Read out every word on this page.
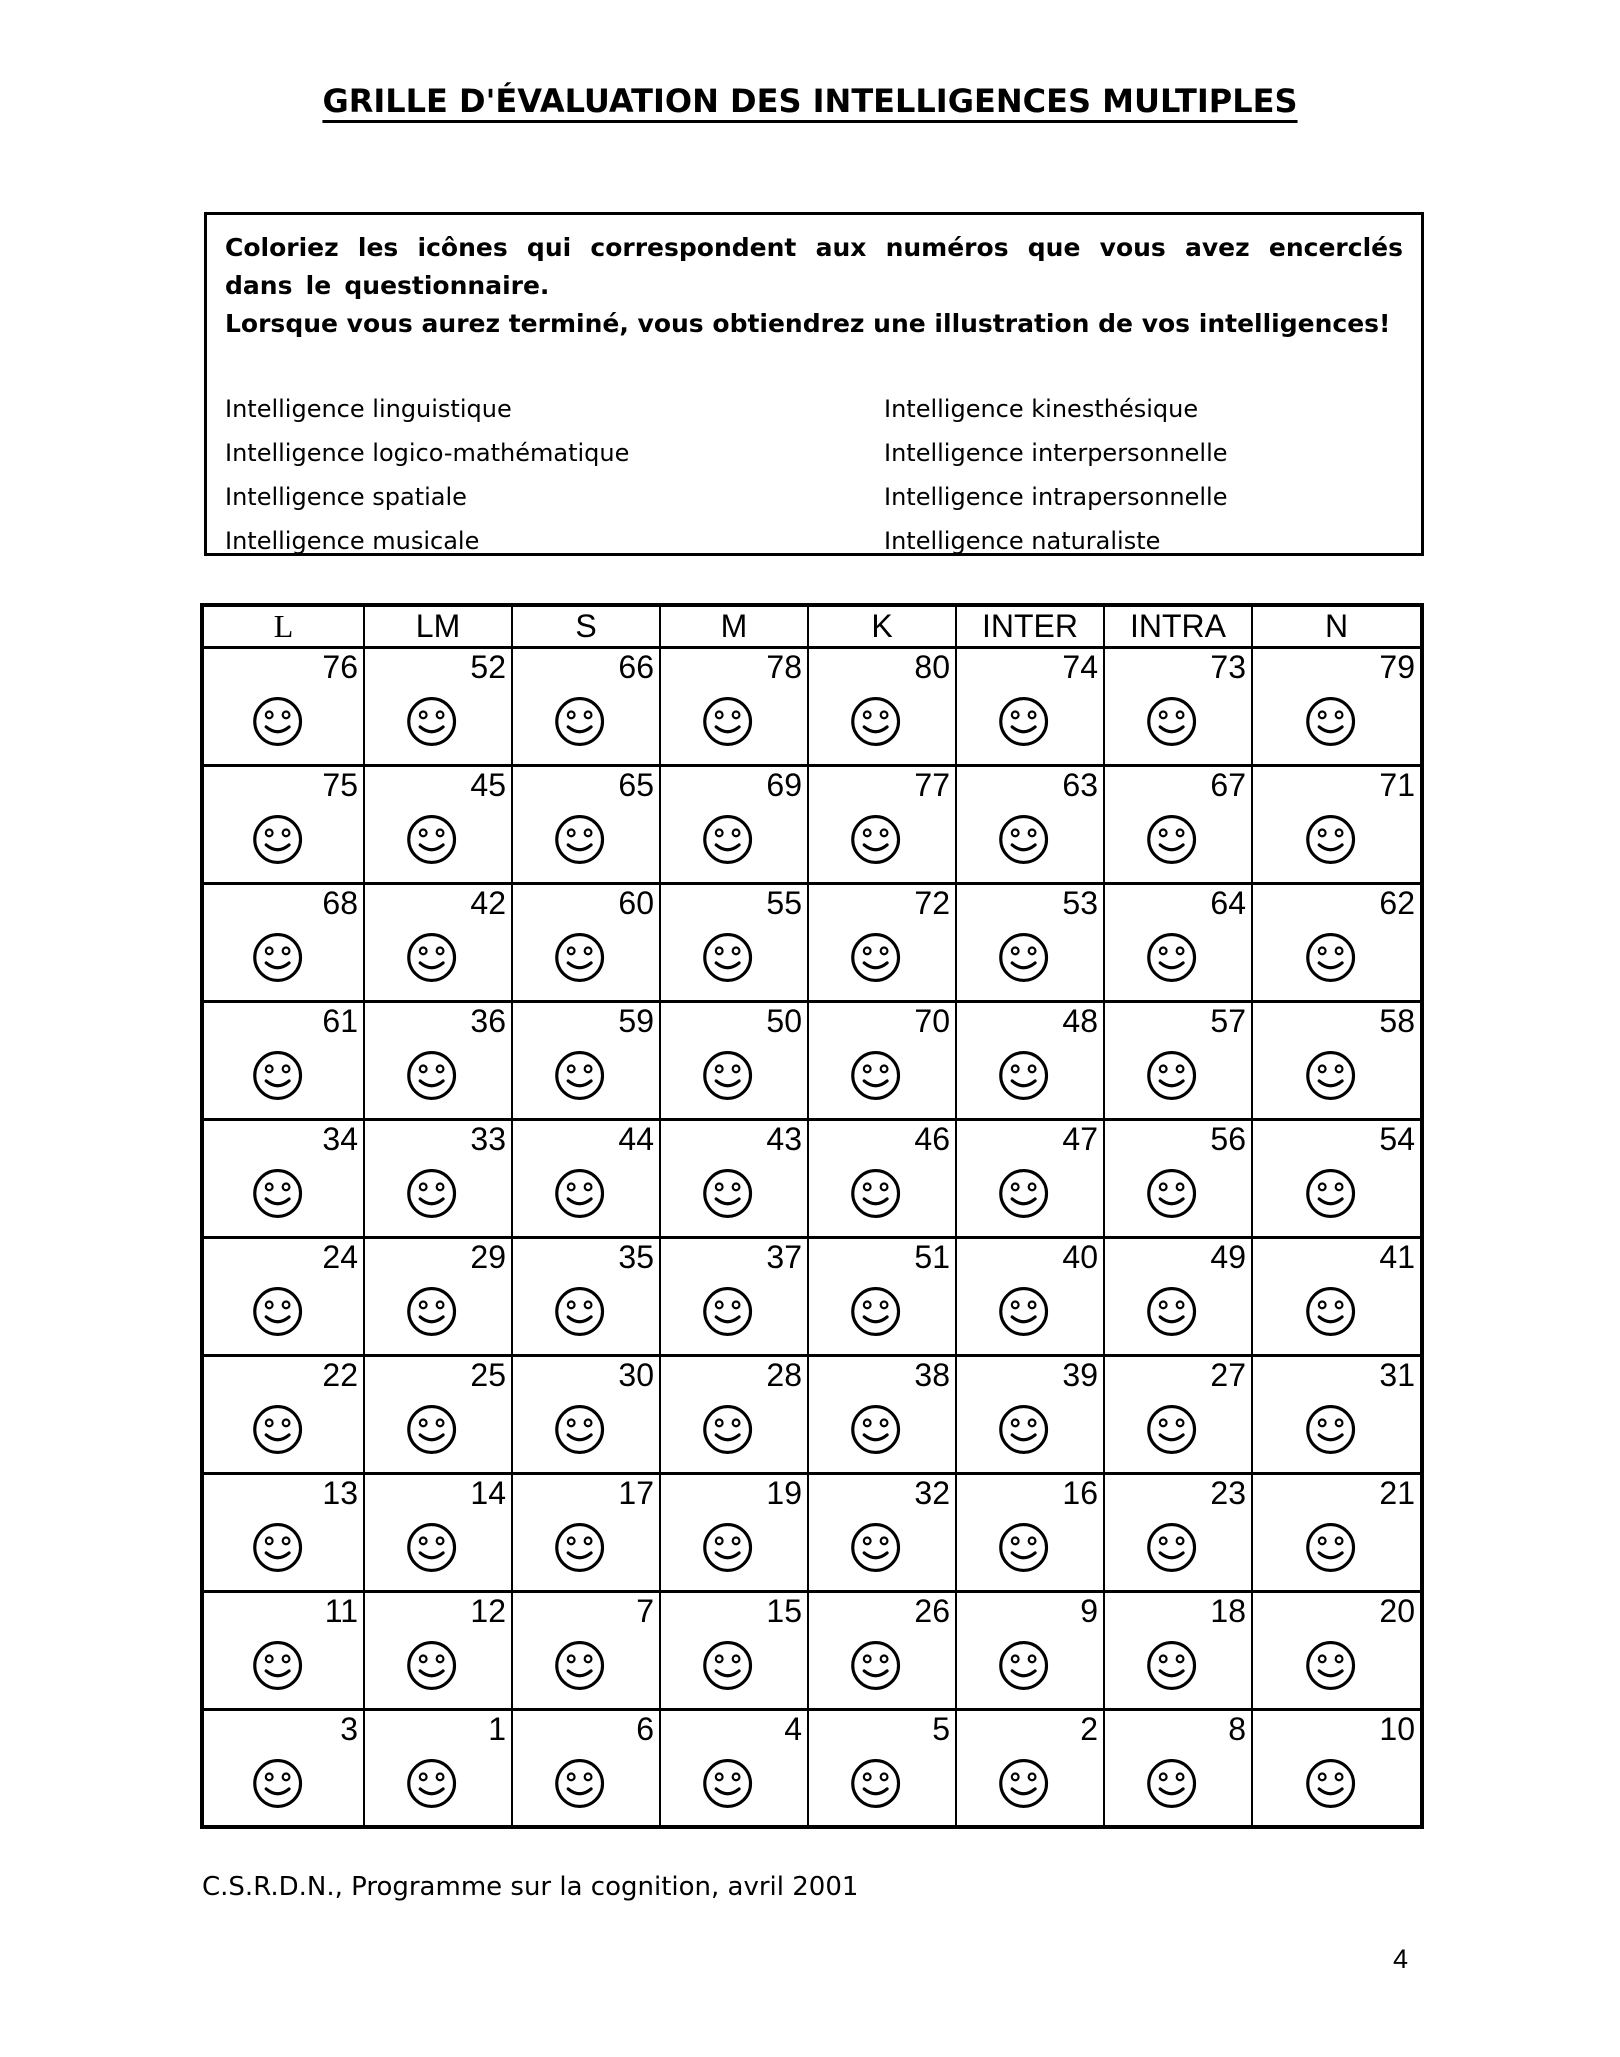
GRILLE D'ÉVALUATION DES INTELLIGENCES MULTIPLES

Coloriez les icônes qui correspondent aux numéros que vous avez encerclés dans le questionnaire.

Lorsque vous aurez terminé, vous obtiendrez une illustration de vos intelligences!

Intelligence linguistique
Intelligence logico-mathématique
Intelligence spatiale
Intelligence musicale
Intelligence kinesthésique
Intelligence interpersonnelle
Intelligence intrapersonnelle
Intelligence naturaliste
L	LM	S	M	K	INTER	INTRA	N

76	52	66	78	80	74	73	79

75	45	65	69	77	63	67	71

68	42	60	55	72	53	64	62

61	36	59	50	70	48	57	58

34	33	44	43	46	47	56	54

24	29	35	37	51	40	49	41

22	25	30	28	38	39	27	31

13	14	17	19	32	16	23	21

11	12	7	15	26	9	18	20

3	1	6	4	5	2	8	10
C.S.R.D.N., Programme sur la cognition, avril 2001
4
